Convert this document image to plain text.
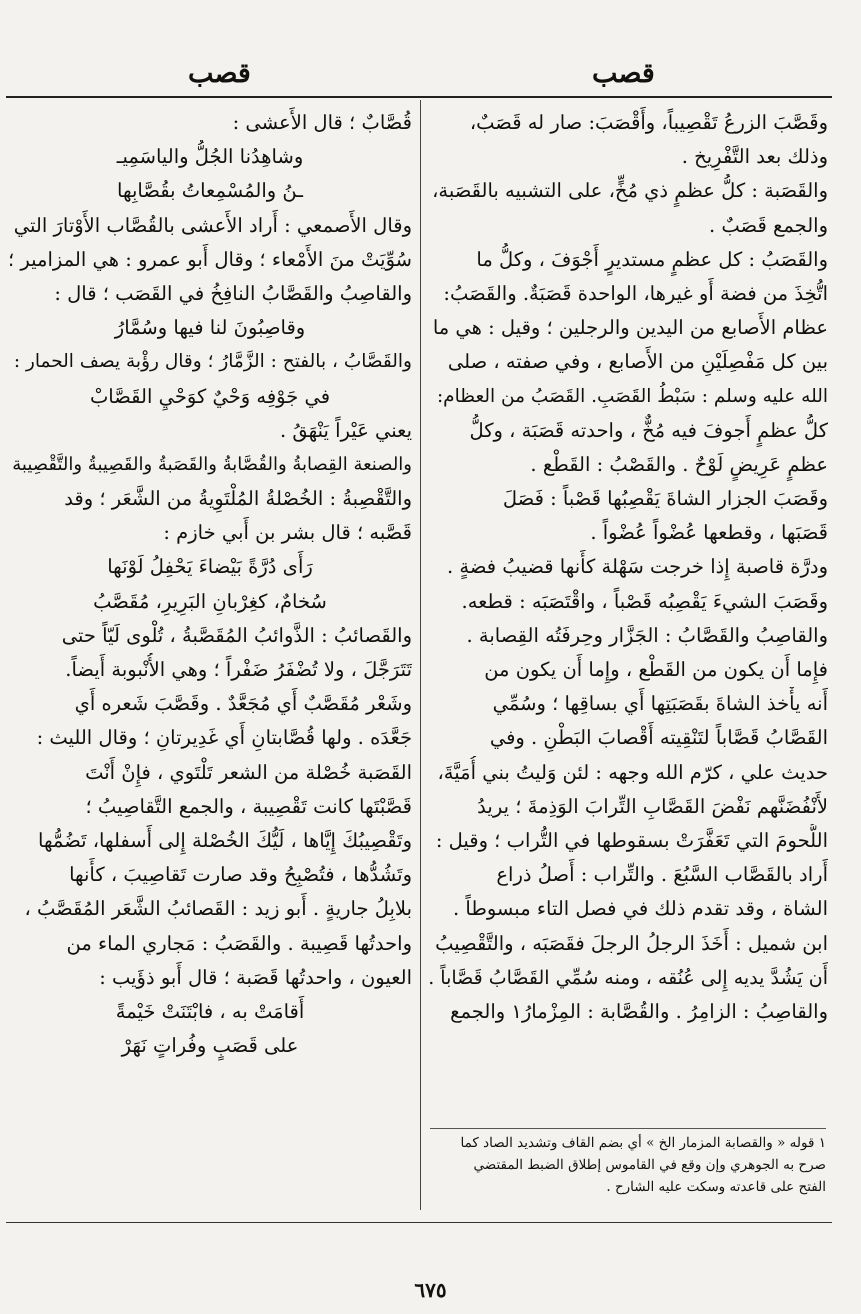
قصب
قصب
وقَصَّبَ الزرعُ تَقْصِيباً، وأَقْصَبَ: صار له قَصَبٌ،
وذلك بعد التَّفْرِيخ .
والقَصَبة : كلُّ عظمٍ ذي مُخٍّ، على التشبيه بالقَصَبة،
والجمع قَصَبٌ .
والقَصَبُ : كل عظمٍ مستديرٍ أَجْوَفَ ، وكلُّ ما
اتُّخِذَ من فضة أَو غيرها، الواحدة قَصَبَةٌ. والقَصَبُ:
عظام الأَصابع من اليدين والرجلين ؛ وقيل : هي ما
بين كل مَفْصِلَيْنِ من الأَصابع ، وفي صفته ، صلى
الله عليه وسلم : سَبْطُ القَصَبِ. القَصَبُ من العظام:
كلُّ عظمٍ أَجوفَ فيه مُخٌّ ، واحدته قَصَبَة ، وكلُّ
عظمٍ عَرِيضٍ لَوْحٌ . والقَصْبُ : القَطْع .
وقَصَبَ الجزار الشاةَ يَقْصِبُها قَصْباً : فَصَلَ
قَصَبَها ، وقطعها عُضْواً عُضْواً .
ودرَّة قاصبة إِذا خرجت سَهْلة كأَنها قضيبُ فضةٍ .
وقَصَبَ الشيءَ يَقْصِبُه قَصْباً ، واقْتَصَبَه : قطعه.
والقاصِبُ والقَصَّابُ : الجَزَّار وحِرفَتُه القِصابة .
فإِما أَن يكون من القَطْع ، وإِما أَن يكون من
أَنه يأْخذ الشاةَ بقَصَبَتِها أَي بساقِها ؛ وسُمِّي
القَصَّابُ قَصَّاباً لتَنْقِيته أَقْصابَ البَطْنِ . وفي
حديث علي ، كرّم الله وجهه : لئن وَليتُ بني أُمَيَّةَ،
لأَنْفُضَنَّهم نَفْضَ القَصَّابِ التِّرابَ الوَذِمةَ ؛ يريدُ
اللُّحومَ التي تَعَفَّرَتْ بسقوطها في التُّراب ؛ وقيل :
أَراد بالقَصَّاب السَّبُعَ . والتِّراب : أَصلُ ذراع
الشاة ، وقد تقدم ذلك في فصل التاء مبسوطاً .
ابن شميل : أَخَذَ الرجلُ الرجلَ فقَصَبَه ، والتَّقْصِيبُ
أَن يَشُدَّ يديه إِلى عُنُقه ، ومنه سُمِّي القَصَّابُ قَصَّاباً .
والقاصِبُ : الزامِرُ . والقُصَّابة : المِزْمارُ١ والجمع
قُصَّابٌ ؛ قال الأَعشى :
وشاهِدُنا الجُلُّ والياسَمِيـ
ـنُ والمُسْمِعاتُ بقُصَّابِها
وقال الأَصمعي : أَراد الأَعشى بالقُصَّاب الأَوْتارَ التي
سُوِّيَتْ منَ الأَمْعاء ؛ وقال أَبو عمرو : هي المزامير ؛
والقاصِبُ والقَصَّابُ النافِخُ في القَصَب ؛ قال :
وقاصِبُونَ لنا فيها وسُمَّارُ
والقَصَّابُ ، بالفتح : الزَّمَّارُ ؛ وقال رؤْبة يصف الحمار :
في جَوْفِه وَحْيٌ كوَحْيِ القَصَّابْ
يعني عَيْراً يَنْهَقُ .
والصنعة القِصابةُ والقُصَّابةُ والقَصَبةُ والقَصِيبةُ والتَّقْصِيبة
والتَّقْصِبةُ : الخُصْلةُ المُلْتَوِيةُ من الشَّعَر ؛ وقد
قَصَّبه ؛ قال بشر بن أَبي خازم :
رَأَى دُرَّةً بَيْضاءَ يَحْفِلُ لَوْنَها
سُخامٌ، كغِرْبانِ البَرِيرِ، مُقَصَّبُ
والقَصائبُ : الذَّوائبُ المُقَصَّبةُ ، تُلْوى لَيّاً حتى
تَتَرَجَّلَ ، ولا تُضْفَرُ ضَفْراً ؛ وهي الأُنْبوبة أَيضاً.
وشَعْر مُقَصَّبٌ أَي مُجَعَّدٌ . وقَصَّبَ شَعره أَي
جَعَّدَه . ولها قُصَّابتانِ أَي غَدِيرتانِ ؛ وقال الليث :
القَصَبة خُصْلة من الشعر تَلْتَوي ، فإِنْ أَنْتَ
قَصَّبْتَها كانت تَقْصِيبة ، والجمع التَّقاصِيبُ ؛
وتَقْصِيبُكَ إِيَّاها ، لَيُّكَ الخُصْلة إِلى أَسفلها، تَضُمُّها
وتَشُدُّها ، فتُصْبِحُ وقد صارت تَقاصِيبَ ، كأَنها
بلابِلُ جاريةٍ . أَبو زيد : القَصائبُ الشَّعَر المُقَصَّبُ ،
واحدتُها قَصِيبة . والقَصَبُ : مَجاري الماء من
العيون ، واحدتُها قَصَبة ؛ قال أَبو ذؤَيب :
أَقامَتْ به ، فابْتَنَتْ خَيْمةً
على قَصَبٍ وفُراتٍ نَهَرْ
١ قوله « والقصابة المزمار الخ » أي بضم القاف وتشديد الصاد كما
صرح به الجوهري وإن وقع في القاموس إطلاق الضبط المقتضي
الفتح على قاعدته وسكت عليه الشارح .
٦٧٥
